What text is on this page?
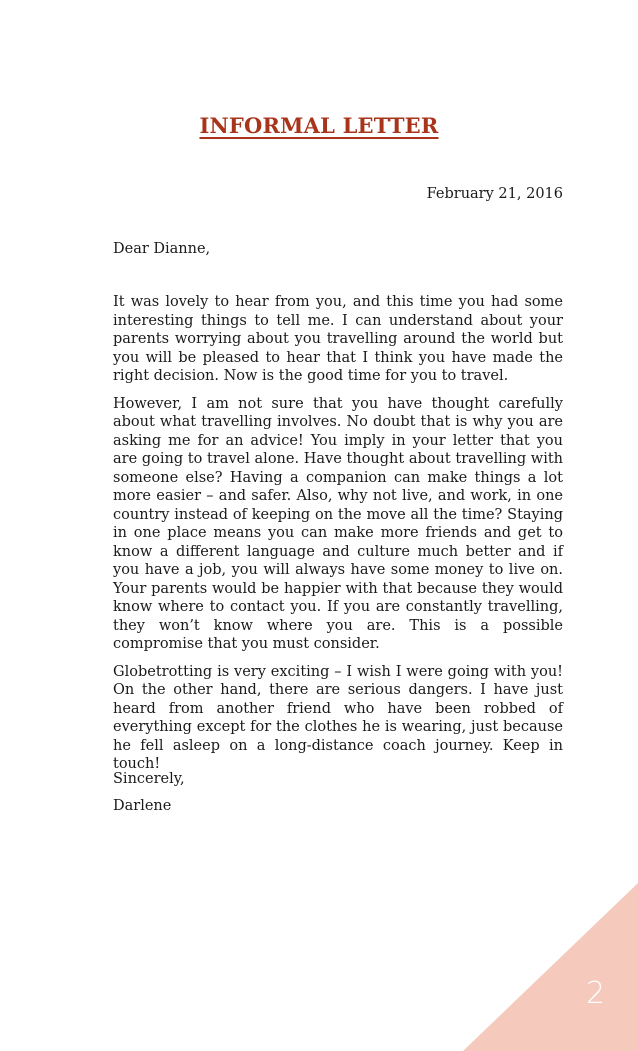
INFORMAL LETTER
February 21, 2016
Dear Dianne,

It was lovely to hear from you, and this time you had some interesting things to tell me. I can understand about your parents worrying about you travelling around the world but you will be pleased to hear that I think you have made the right decision. Now is the good time for you to travel.

However, I am not sure that you have thought carefully about what travelling involves. No doubt that is why you are asking me for an advice! You imply in your letter that you are going to travel alone. Have thought about travelling with someone else? Having a companion can make things a lot more easier – and safer. Also, why not live, and work, in one country instead of keeping on the move all the time? Staying in one place means you can make more friends and get to know a different language and culture much better and if you have a job, you will always have some money to live on. Your parents would be happier with that because they would know where to contact you. If you are constantly travelling, they won’t know where you are. This is a possible compromise that you must consider.

Globetrotting is very exciting – I wish I were going with you! On the other hand, there are serious dangers. I have just heard from another friend who have been robbed of everything except for the clothes he is wearing, just because he fell asleep on a long-distance coach journey. Keep in touch!

Sincerely,
Darlene
2
